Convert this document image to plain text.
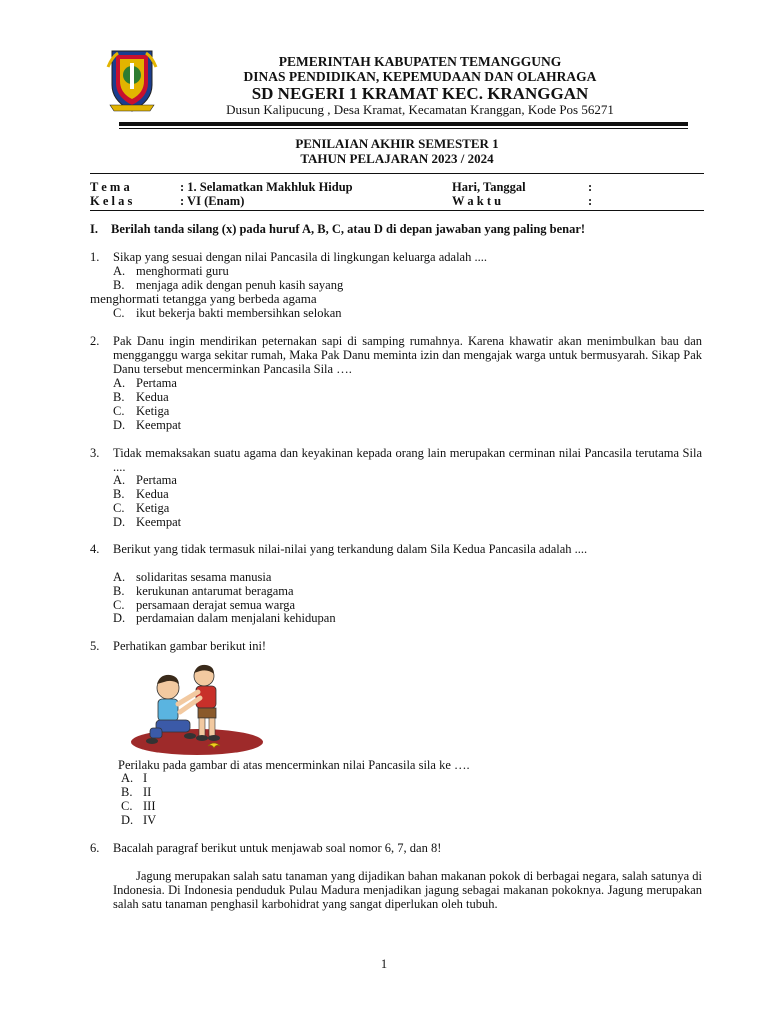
PEMERINTAH KABUPATEN TEMANGGUNG
DINAS PENDIDIKAN, KEPEMUDAAN DAN OLAHRAGA
SD NEGERI 1 KRAMAT KEC. KRANGGAN
Dusun Kalipucung , Desa Kramat, Kecamatan Kranggan, Kode Pos 56271
PENILAIAN AKHIR SEMESTER 1
TAHUN PELAJARAN 2023 / 2024
T e m a	: 1. Selamatkan Makhluk Hidup	Hari, Tanggal	:
K e l a s	: VI (Enam)	W a k t u	:
I. Berilah tanda silang (x) pada huruf A, B, C, atau D di depan jawaban yang paling benar!
1. Sikap yang sesuai dengan nilai Pancasila di lingkungan keluarga adalah ....
A. menghormati guru
B. menjaga adik dengan penuh kasih sayang
menghormati tetangga yang berbeda agama
C. ikut bekerja bakti membersihkan selokan
2. Pak Danu ingin mendirikan peternakan sapi di samping rumahnya. Karena khawatir akan menimbulkan bau dan mengganggu warga sekitar rumah, Maka Pak Danu meminta izin dan mengajak warga untuk bermusyarah. Sikap Pak Danu tersebut mencerminkan Pancasila Sila ….
A. Pertama
B. Kedua
C. Ketiga
D. Keempat
3. Tidak memaksakan suatu agama dan keyakinan kepada orang lain merupakan cerminan nilai Pancasila terutama Sila ....
A. Pertama
B. Kedua
C. Ketiga
D. Keempat
4. Berikut yang tidak termasuk nilai-nilai yang terkandung dalam Sila Kedua Pancasila adalah ....
A. solidaritas sesama manusia
B. kerukunan antarumat beragama
C. persamaan derajat semua warga
D. perdamaian dalam menjalani kehidupan
5. Perhatikan gambar berikut ini!
Perilaku pada gambar di atas mencerminkan nilai Pancasila sila ke ….
A. I
B. II
C. III
D. IV
6. Bacalah paragraf berikut untuk menjawab soal nomor 6, 7, dan 8!
Jagung merupakan salah satu tanaman yang dijadikan bahan makanan pokok di berbagai negara, salah satunya di Indonesia. Di Indonesia penduduk Pulau Madura menjadikan jagung sebagai makanan pokoknya. Jagung merupakan salah satu tanaman penghasil karbohidrat yang sangat diperlukan oleh tubuh.
1
